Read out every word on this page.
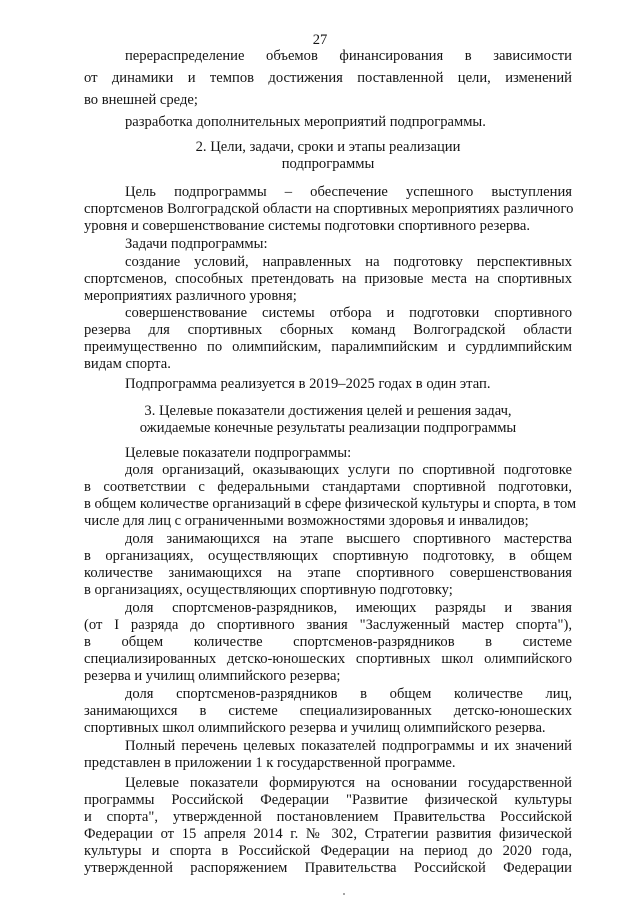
27
перераспределение объемов финансирования в зависимости
от динамики и темпов достижения поставленной цели, изменений
во внешней среде;
разработка дополнительных мероприятий подпрограммы.
2. Цели, задачи, сроки и этапы реализации
подпрограммы
Цель подпрограммы – обеспечение успешного выступления
спортсменов Волгоградской области на спортивных мероприятиях различного
уровня и совершенствование системы подготовки спортивного резерва.
Задачи подпрограммы:
создание условий, направленных на подготовку перспективных
спортсменов, способных претендовать на призовые места на спортивных
мероприятиях различного уровня;
совершенствование системы отбора и подготовки спортивного
резерва для спортивных сборных команд Волгоградской области
преимущественно по олимпийским, паралимпийским и сурдлимпийским
видам спорта.
Подпрограмма реализуется в 2019–2025 годах в один этап.
3. Целевые показатели достижения целей и решения задач,
ожидаемые конечные результаты реализации подпрограммы
Целевые показатели подпрограммы:
доля организаций, оказывающих услуги по спортивной подготовке
в соответствии с федеральными стандартами спортивной подготовки,
в общем количестве организаций в сфере физической культуры и спорта, в том
числе для лиц с ограниченными возможностями здоровья и инвалидов;
доля занимающихся на этапе высшего спортивного мастерства
в организациях, осуществляющих спортивную подготовку, в общем
количестве занимающихся на этапе спортивного совершенствования
в организациях, осуществляющих спортивную подготовку;
доля спортсменов-разрядников, имеющих разряды и звания
(от I разряда до спортивного звания "Заслуженный мастер спорта"),
в общем количестве спортсменов-разрядников в системе
специализированных детско-юношеских спортивных школ олимпийского
резерва и училищ олимпийского резерва;
доля спортсменов-разрядников в общем количестве лиц,
занимающихся в системе специализированных детско-юношеских
спортивных школ олимпийского резерва и училищ олимпийского резерва.
Полный перечень целевых показателей подпрограммы и их значений
представлен в приложении 1 к государственной программе.
Целевые показатели формируются на основании государственной
программы Российской Федерации "Развитие физической культуры
и спорта", утвержденной постановлением Правительства Российской
Федерации от 15 апреля 2014 г. № 302, Стратегии развития физической
культуры и спорта в Российской Федерации на период до 2020 года,
утвержденной распоряжением Правительства Российской Федерации
